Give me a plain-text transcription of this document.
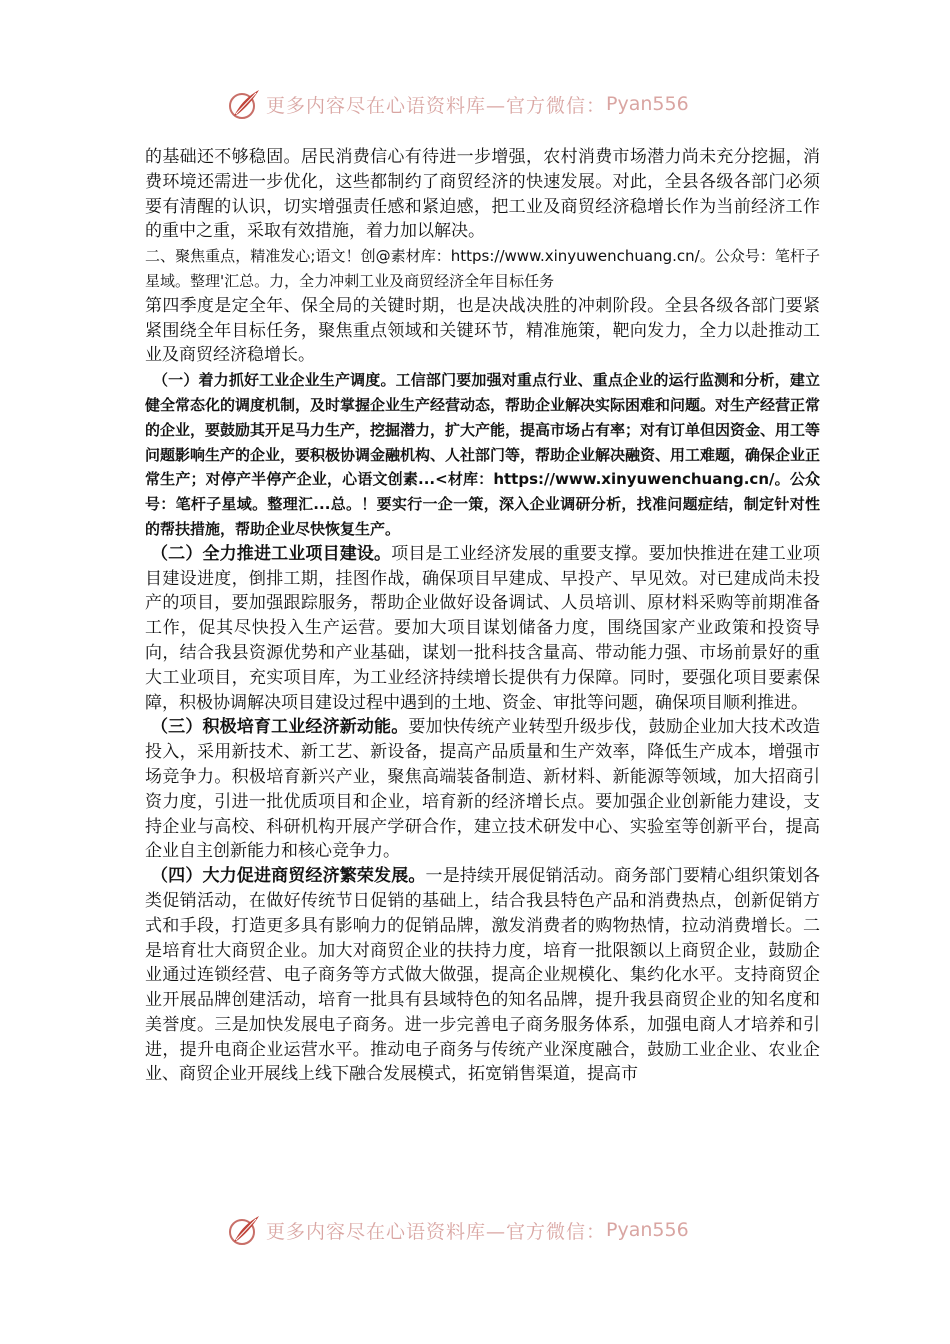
更多内容尽在心语资料库—官方微信： Pyan556

的基础还不够稳固。居民消费信心有待进一步增强，农村消费市场潜力尚未充分挖掘，消费环境还需进一步优化，这些都制约了商贸经济的快速发展。对此，全县各级各部门必须要有清醒的认识，切实增强责任感和紧迫感，把工业及商贸经济稳增长作为当前经济工作的重中之重，采取有效措施，着力加以解决。

二、聚焦重点，精准发心;语文！创@素材库：https://www.xinyuwenchuang.cn/。公众号：笔杆子星域。整理'汇总。力，全力冲刺工业及商贸经济全年目标任务

第四季度是定全年、保全局的关键时期，也是决战决胜的冲刺阶段。全县各级各部门要紧紧围绕全年目标任务，聚焦重点领域和关键环节，精准施策，靶向发力，全力以赴推动工业及商贸经济稳增长。

（一）着力抓好工业企业生产调度。工信部门要加强对重点行业、重点企业的运行监测和分析，建立健全常态化的调度机制，及时掌握企业生产经营动态，帮助企业解决实际困难和问题。对生产经营正常的企业，要鼓励其开足马力生产，挖掘潜力，扩大产能，提高市场占有率；对有订单但因资金、用工等问题影响生产的企业，要积极协调金融机构、人社部门等，帮助企业解决融资、用工难题，确保企业正常生产；对停产半停产企业，心语文创素...<材库：https://www.xinyuwenchuang.cn/。公众号：笔杆子星域。整理汇...总。！要实行一企一策，深入企业调研分析，找准问题症结，制定针对性的帮扶措施，帮助企业尽快恢复生产。

（二）全力推进工业项目建设。项目是工业经济发展的重要支撑。要加快推进在建工业项目建设进度，倒排工期，挂图作战，确保项目早建成、早投产、早见效。对已建成尚未投产的项目，要加强跟踪服务，帮助企业做好设备调试、人员培训、原材料采购等前期准备工作，促其尽快投入生产运营。要加大项目谋划储备力度，围绕国家产业政策和投资导向，结合我县资源优势和产业基础，谋划一批科技含量高、带动能力强、市场前景好的重大工业项目，充实项目库，为工业经济持续增长提供有力保障。同时，要强化项目要素保障，积极协调解决项目建设过程中遇到的土地、资金、审批等问题，确保项目顺利推进。

（三）积极培育工业经济新动能。要加快传统产业转型升级步伐，鼓励企业加大技术改造投入，采用新技术、新工艺、新设备，提高产品质量和生产效率，降低生产成本，增强市场竞争力。积极培育新兴产业，聚焦高端装备制造、新材料、新能源等领域，加大招商引资力度，引进一批优质项目和企业，培育新的经济增长点。要加强企业创新能力建设，支持企业与高校、科研机构开展产学研合作，建立技术研发中心、实验室等创新平台，提高企业自主创新能力和核心竞争力。

（四）大力促进商贸经济繁荣发展。一是持续开展促销活动。商务部门要精心组织策划各类促销活动，在做好传统节日促销的基础上，结合我县特色产品和消费热点，创新促销方式和手段，打造更多具有影响力的促销品牌，激发消费者的购物热情，拉动消费增长。二是培育壮大商贸企业。加大对商贸企业的扶持力度，培育一批限额以上商贸企业，鼓励企业通过连锁经营、电子商务等方式做大做强，提高企业规模化、集约化水平。支持商贸企业开展品牌创建活动，培育一批具有县域特色的知名品牌，提升我县商贸企业的知名度和美誉度。三是加快发展电子商务。进一步完善电子商务服务体系，加强电商人才培养和引进，提升电商企业运营水平。推动电子商务与传统产业深度融合，鼓励工业企业、农业企业、商贸企业开展线上线下融合发展模式，拓宽销售渠道，提高市

更多内容尽在心语资料库—官方微信： Pyan556
